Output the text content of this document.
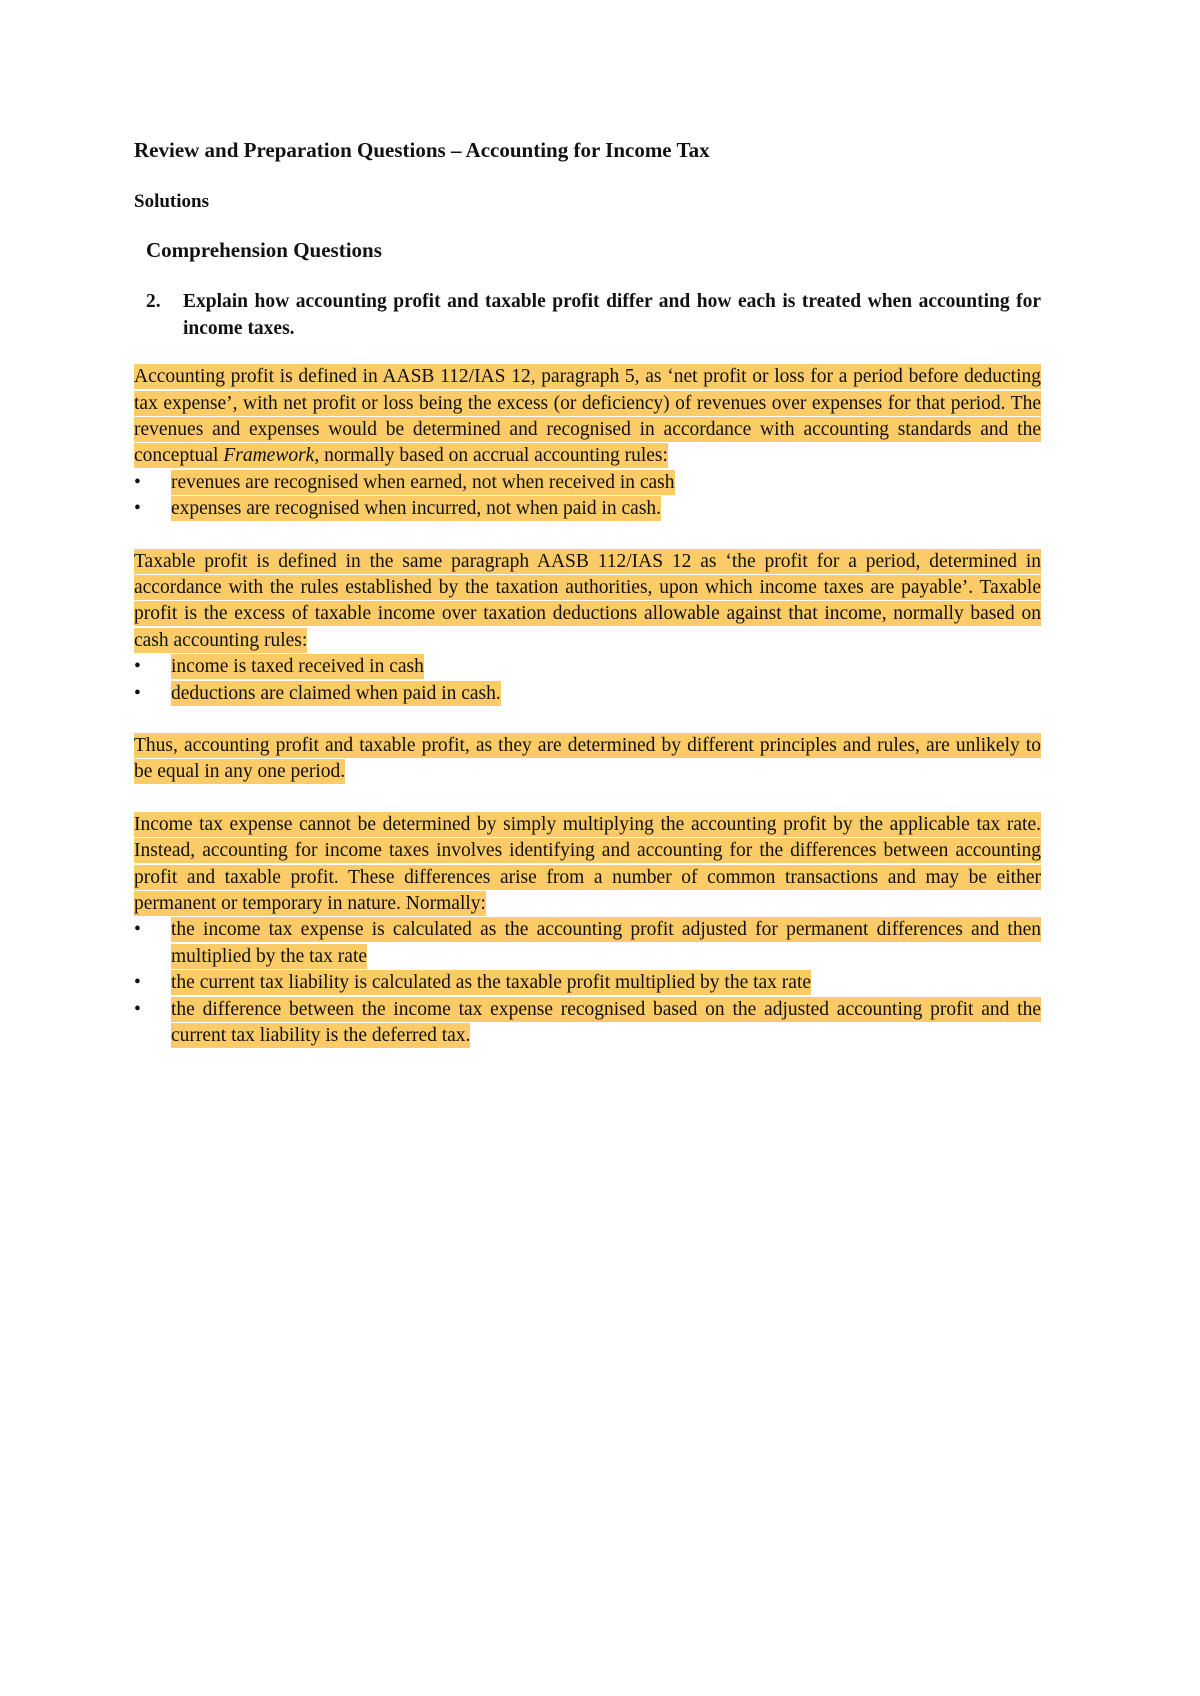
Review and Preparation Questions – Accounting for Income Tax
Solutions
Comprehension Questions
2.	Explain how accounting profit and taxable profit differ and how each is treated when accounting for income taxes.

Accounting profit is defined in AASB 112/IAS 12, paragraph 5, as ‘net profit or loss for a period before deducting tax expense’, with net profit or loss being the excess (or deficiency) of revenues over expenses for that period. The revenues and expenses would be determined and recognised in accordance with accounting standards and the conceptual Framework, normally based on accrual accounting rules:

•	revenues are recognised when earned, not when received in cash
•	expenses are recognised when incurred, not when paid in cash.

Taxable profit is defined in the same paragraph AASB 112/IAS 12 as ‘the profit for a period, determined in accordance with the rules established by the taxation authorities, upon which income taxes are payable’. Taxable profit is the excess of taxable income over taxation deductions allowable against that income, normally based on cash accounting rules:

•	income is taxed received in cash
•	deductions are claimed when paid in cash.

Thus, accounting profit and taxable profit, as they are determined by different principles and rules, are unlikely to be equal in any one period.

Income tax expense cannot be determined by simply multiplying the accounting profit by the applicable tax rate. Instead, accounting for income taxes involves identifying and accounting for the differences between accounting profit and taxable profit. These differences arise from a number of common transactions and may be either permanent or temporary in nature. Normally:

•	the income tax expense is calculated as the accounting profit adjusted for permanent differences and then multiplied by the tax rate
•	the current tax liability is calculated as the taxable profit multiplied by the tax rate
•	the difference between the income tax expense recognised based on the adjusted accounting profit and the current tax liability is the deferred tax.
